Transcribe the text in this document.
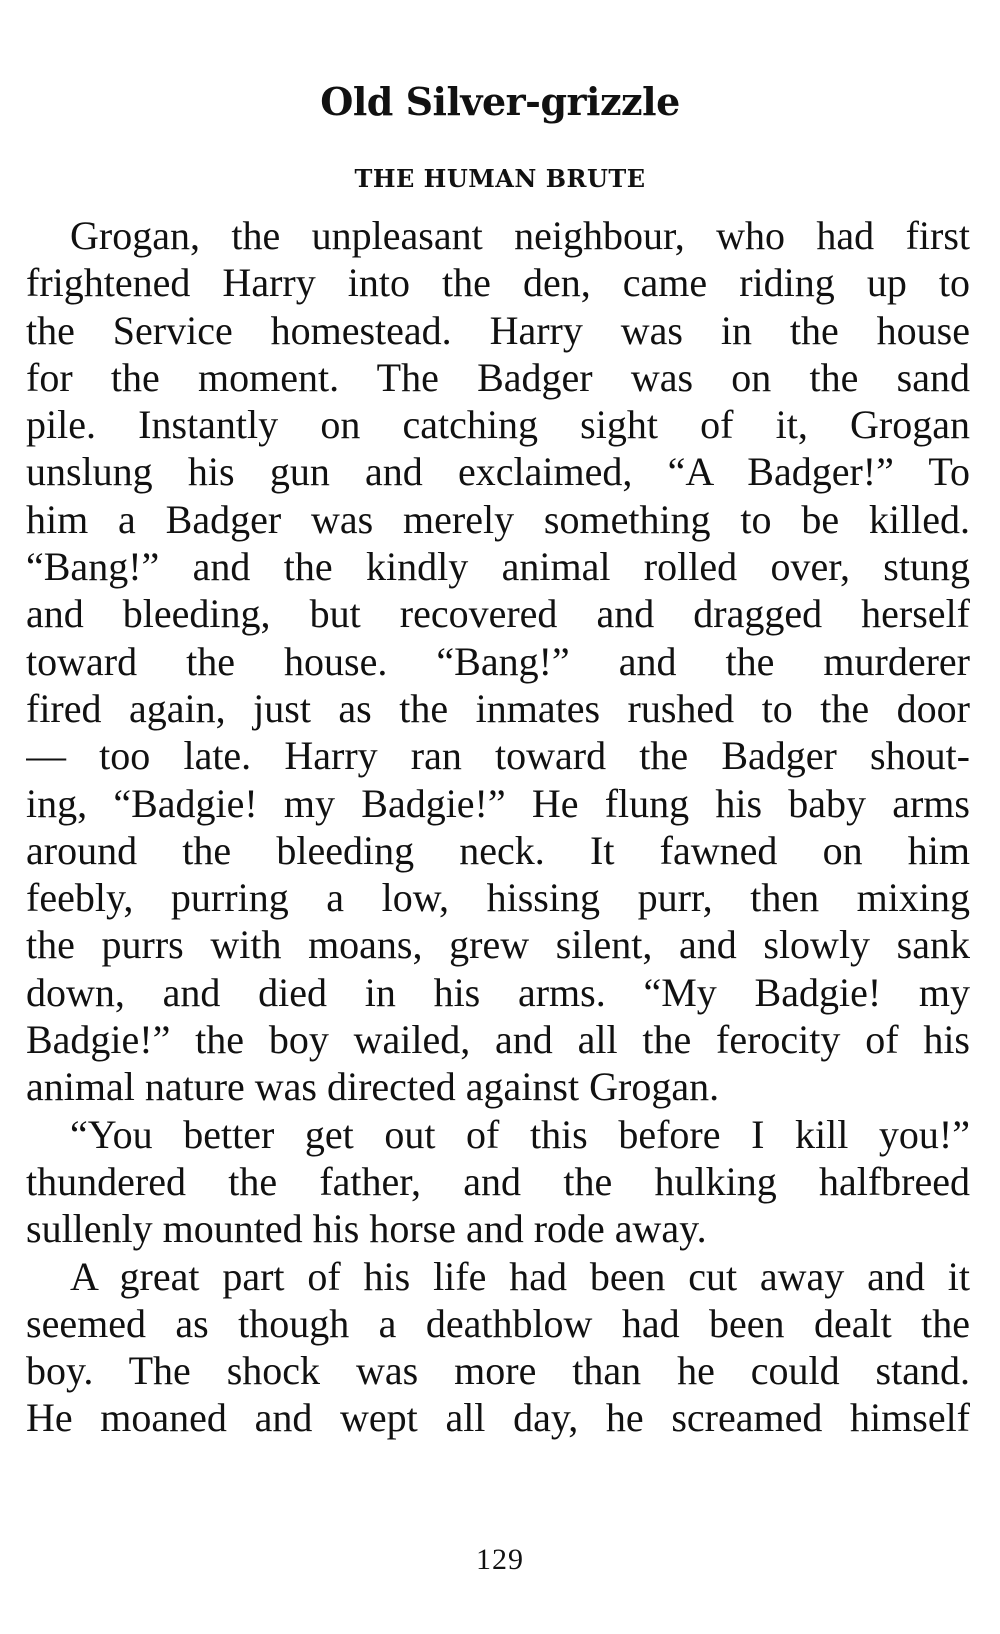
Old Silver-grizzle
THE HUMAN BRUTE
Grogan, the unpleasant neighbour, who had first
frightened Harry into the den, came riding up to
the Service homestead. Harry was in the house
for the moment. The Badger was on the sand
pile. Instantly on catching sight of it, Grogan
unslung his gun and exclaimed, “A Badger!” To
him a Badger was merely something to be killed.
“Bang!” and the kindly animal rolled over, stung
and bleeding, but recovered and dragged herself
toward the house. “Bang!” and the murderer
fired again, just as the inmates rushed to the door
— too late. Harry ran toward the Badger shout-
ing, “Badgie! my Badgie!” He flung his baby arms
around the bleeding neck. It fawned on him
feebly, purring a low, hissing purr, then mixing
the purrs with moans, grew silent, and slowly sank
down, and died in his arms. “My Badgie! my
Badgie!” the boy wailed, and all the ferocity of his
animal nature was directed against Grogan.
“You better get out of this before I kill you!”
thundered the father, and the hulking halfbreed
sullenly mounted his horse and rode away.
A great part of his life had been cut away and it
seemed as though a deathblow had been dealt the
boy. The shock was more than he could stand.
He moaned and wept all day, he screamed himself
129
